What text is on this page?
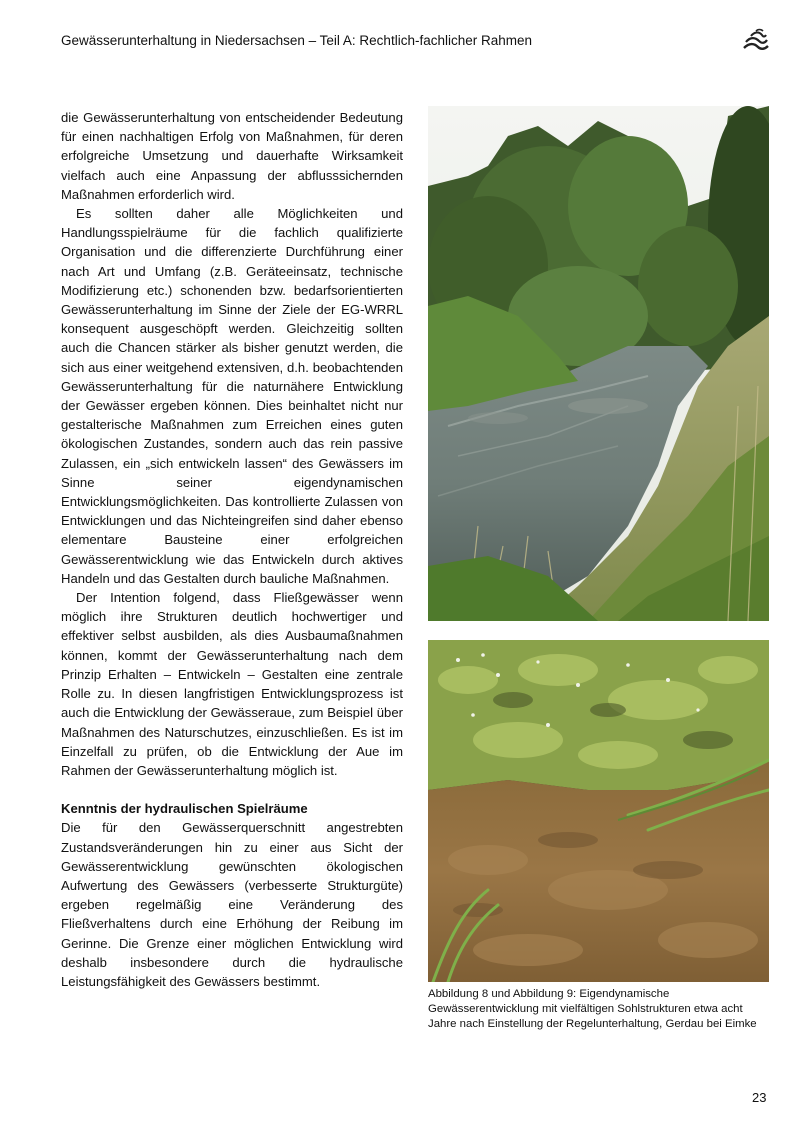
Gewässerunterhaltung in Niedersachsen – Teil A: Rechtlich-fachlicher Rahmen

die Gewässerunterhaltung von entscheidender Bedeutung für einen nachhaltigen Erfolg von Maßnahmen, für deren erfolgreiche Umsetzung und dauerhafte Wirksamkeit vielfach auch eine Anpassung der abflusssichernden Maßnahmen erforderlich wird.

Es sollten daher alle Möglichkeiten und Handlungsspielräume für die fachlich qualifizierte Organisation und die differenzierte Durchführung einer nach Art und Umfang (z.B. Geräteeinsatz, technische Modifizierung etc.) schonenden bzw. bedarfsorientierten Gewässerunterhaltung im Sinne der Ziele der EG-WRRL konsequent ausgeschöpft werden. Gleichzeitig sollten auch die Chancen stärker als bisher genutzt werden, die sich aus einer weitgehend extensiven, d.h. beobachtenden Gewässerunterhaltung für die naturnähere Entwicklung der Gewässer ergeben können. Dies beinhaltet nicht nur gestalterische Maßnahmen zum Erreichen eines guten ökologischen Zustandes, sondern auch das rein passive Zulassen, ein „sich entwickeln lassen“ des Gewässers im Sinne seiner eigendynamischen Entwicklungsmöglichkeiten. Das kontrollierte Zulassen von Entwicklungen und das Nichteingreifen sind daher ebenso elementare Bausteine einer erfolgreichen Gewässerentwicklung wie das Entwickeln durch aktives Handeln und das Gestalten durch bauliche Maßnahmen.

Der Intention folgend, dass Fließgewässer wenn möglich ihre Strukturen deutlich hochwertiger und effektiver selbst ausbilden, als dies Ausbaumaßnahmen können, kommt der Gewässerunterhaltung nach dem Prinzip Erhalten – Entwickeln – Gestalten eine zentrale Rolle zu. In diesen langfristigen Entwicklungsprozess ist auch die Entwicklung der Gewässeraue, zum Beispiel über Maßnahmen des Naturschutzes, einzuschließen. Es ist im Einzelfall zu prüfen, ob die Entwicklung der Aue im Rahmen der Gewässerunterhaltung möglich ist.

Kenntnis der hydraulischen Spielräume

Die für den Gewässerquerschnitt angestrebten Zustandsveränderungen hin zu einer aus Sicht der Gewässerentwicklung gewünschten ökologischen Aufwertung des Gewässers (verbesserte Strukturgüte) ergeben regelmäßig eine Veränderung des Fließverhaltens durch eine Erhöhung der Reibung im Gerinne. Die Grenze einer möglichen Entwicklung wird deshalb insbesondere durch die hydraulische Leistungsfähigkeit des Gewässers bestimmt.

Abbildung 8 und Abbildung 9: Eigendynamische Gewässerentwicklung mit vielfältigen Sohlstrukturen etwa acht Jahre nach Einstellung der Regelunterhaltung, Gerdau bei Eimke
23
